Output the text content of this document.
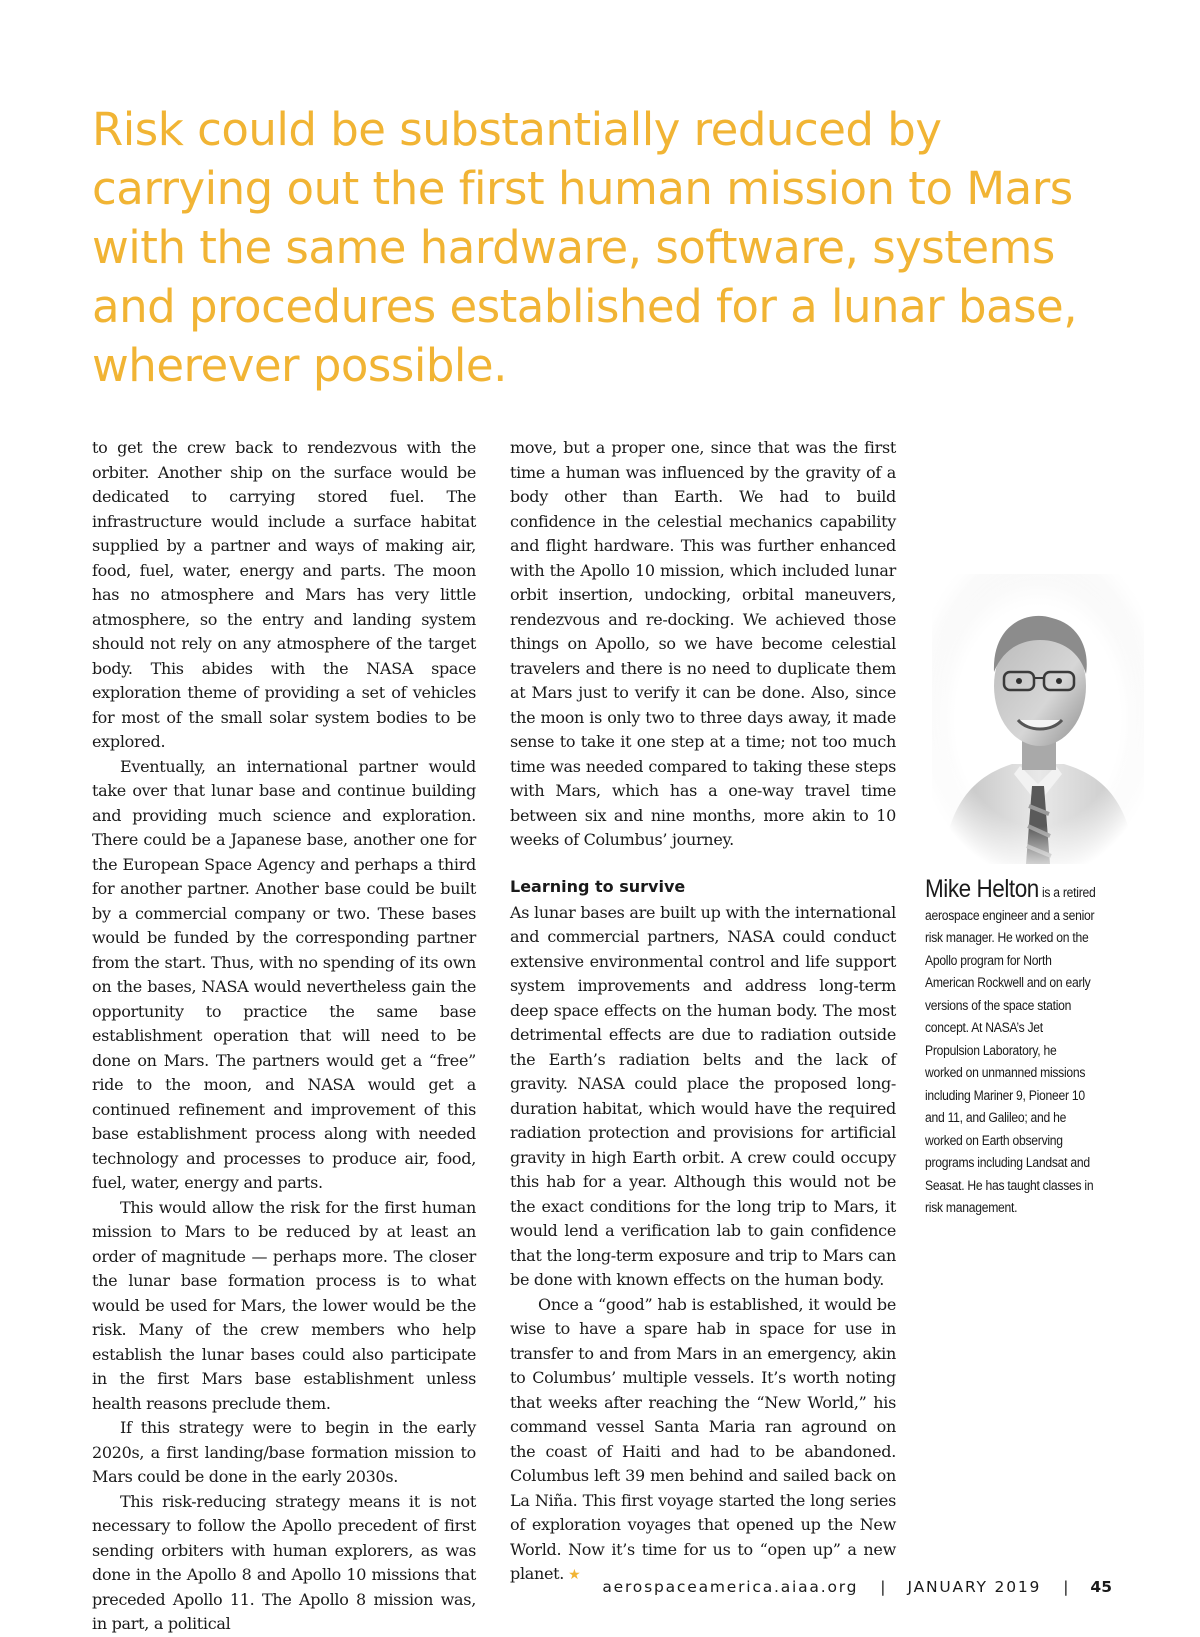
Risk could be substantially reduced by carrying out the first human mission to Mars with the same hardware, software, systems and procedures established for a lunar base, wherever possible.

to get the crew back to rendezvous with the orbiter. Another ship on the surface would be dedicated to carrying stored fuel. The infrastructure would include a surface habitat supplied by a partner and ways of making air, food, fuel, water, energy and parts. The moon has no atmosphere and Mars has very little atmosphere, so the entry and landing system should not rely on any atmosphere of the target body. This abides with the NASA space exploration theme of providing a set of vehicles for most of the small solar system bodies to be explored.

Eventually, an international partner would take over that lunar base and continue building and providing much science and exploration. There could be a Japanese base, another one for the European Space Agency and perhaps a third for another partner. Another base could be built by a commercial company or two. These bases would be funded by the corresponding partner from the start. Thus, with no spending of its own on the bases, NASA would nevertheless gain the opportunity to practice the same base establishment operation that will need to be done on Mars. The partners would get a “free” ride to the moon, and NASA would get a continued refinement and improvement of this base establishment process along with needed technology and processes to produce air, food, fuel, water, energy and parts.

This would allow the risk for the first human mission to Mars to be reduced by at least an order of magnitude — perhaps more. The closer the lunar base formation process is to what would be used for Mars, the lower would be the risk. Many of the crew members who help establish the lunar bases could also participate in the first Mars base establishment unless health reasons preclude them.

If this strategy were to begin in the early 2020s, a first landing/base formation mission to Mars could be done in the early 2030s.

This risk-reducing strategy means it is not necessary to follow the Apollo precedent of first sending orbiters with human explorers, as was done in the Apollo 8 and Apollo 10 missions that preceded Apollo 11. The Apollo 8 mission was, in part, a political

move, but a proper one, since that was the first time a human was influenced by the gravity of a body other than Earth. We had to build confidence in the celestial mechanics capability and flight hardware. This was further enhanced with the Apollo 10 mission, which included lunar orbit insertion, undocking, orbital maneuvers, rendezvous and re-docking. We achieved those things on Apollo, so we have become celestial travelers and there is no need to duplicate them at Mars just to verify it can be done. Also, since the moon is only two to three days away, it made sense to take it one step at a time; not too much time was needed compared to taking these steps with Mars, which has a one-way travel time between six and nine months, more akin to 10 weeks of Columbus’ journey.

Learning to survive

As lunar bases are built up with the international and commercial partners, NASA could conduct extensive environmental control and life support system improvements and address long-term deep space effects on the human body. The most detrimental effects are due to radiation outside the Earth’s radiation belts and the lack of gravity. NASA could place the proposed long-duration habitat, which would have the required radiation protection and provisions for artificial gravity in high Earth orbit. A crew could occupy this hab for a year. Although this would not be the exact conditions for the long trip to Mars, it would lend a verification lab to gain confidence that the long-term exposure and trip to Mars can be done with known effects on the human body.

Once a “good” hab is established, it would be wise to have a spare hab in space for use in transfer to and from Mars in an emergency, akin to Columbus’ multiple vessels. It’s worth noting that weeks after reaching the “New World,” his command vessel Santa Maria ran aground on the coast of Haiti and had to be abandoned. Columbus left 39 men behind and sailed back on La Niña. This first voyage started the long series of exploration voyages that opened up the New World. Now it’s time for us to “open up” a new planet. ★

Mike Helton is a retired aerospace engineer and a senior risk manager. He worked on the Apollo program for North American Rockwell and on early versions of the space station concept. At NASA’s Jet Propulsion Laboratory, he worked on unmanned missions including Mariner 9, Pioneer 10 and 11, and Galileo; and he worked on Earth observing programs including Landsat and Seasat. He has taught classes in risk management.
aerospaceamerica.aiaa.org | JANUARY 2019 | 45
